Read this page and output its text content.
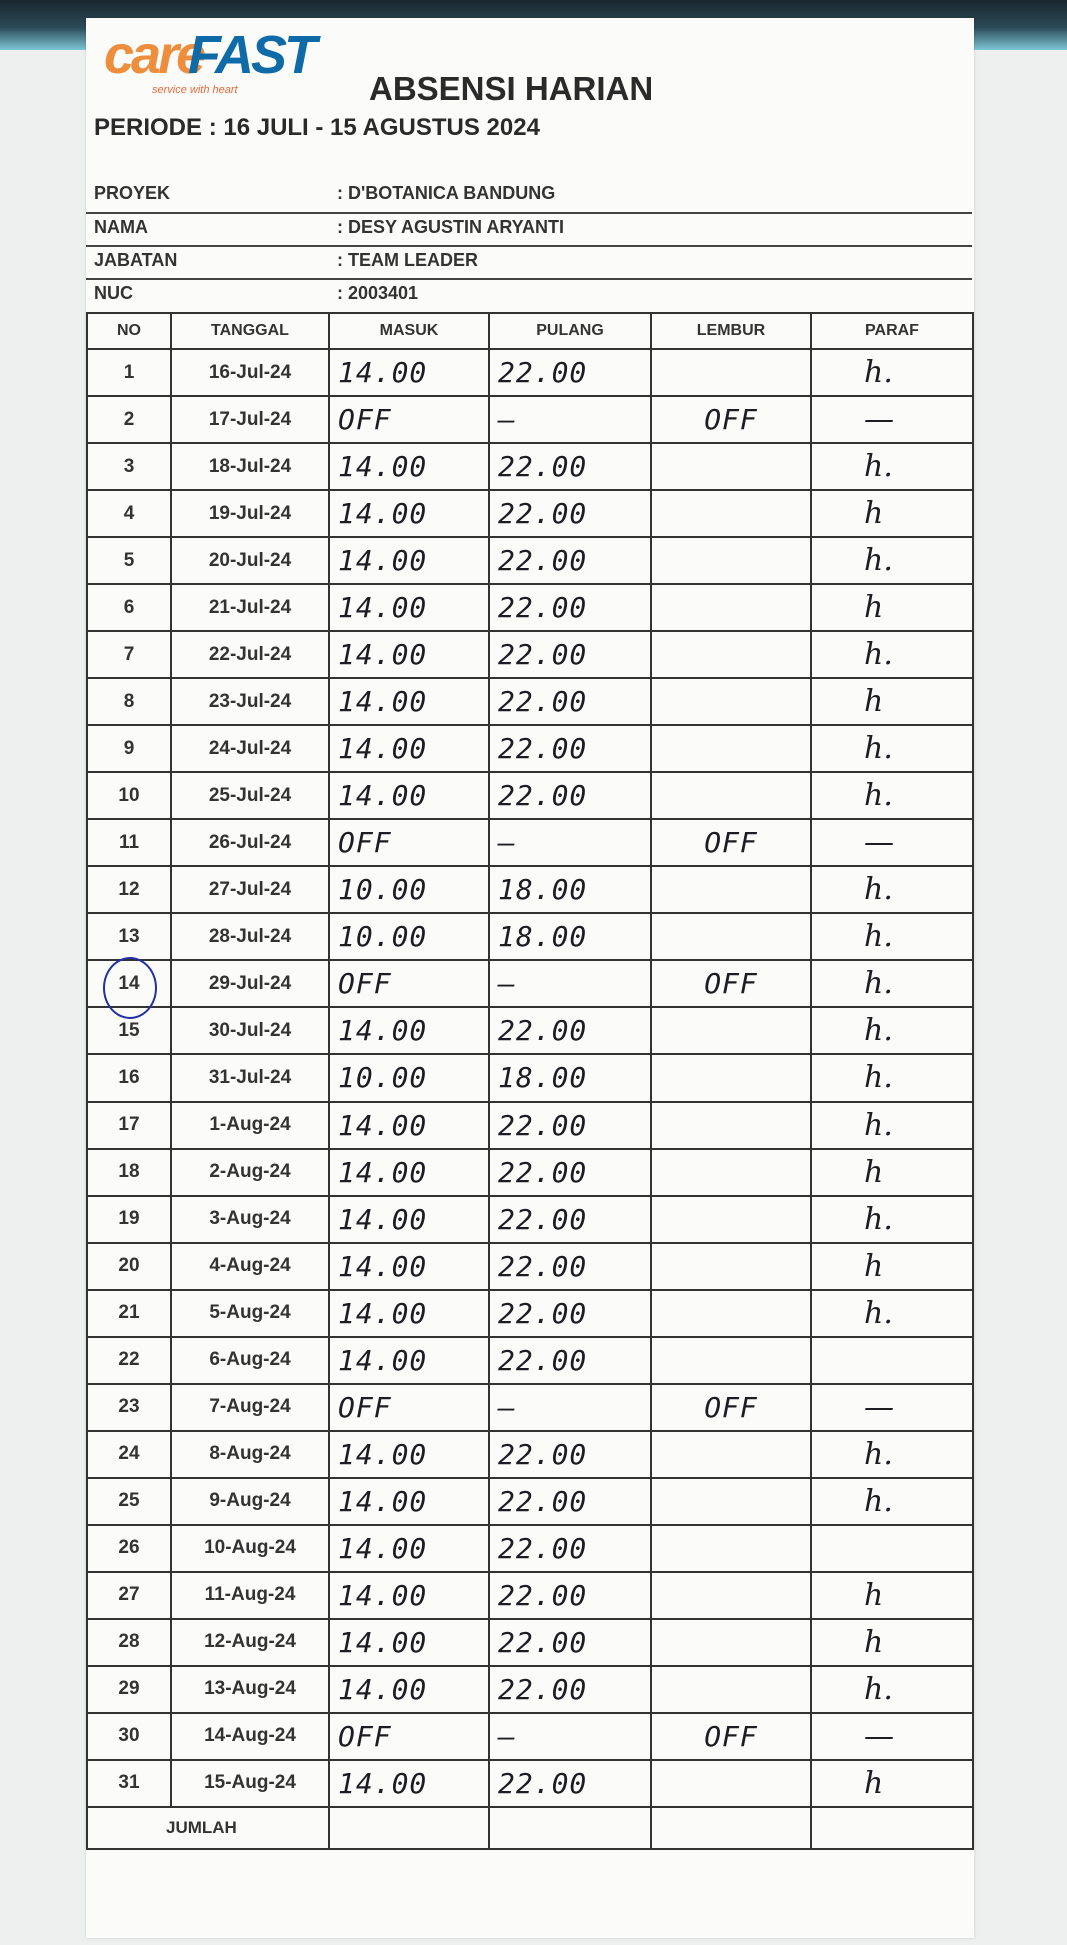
care
FAST
service with heart	ABSENSI HARIAN
PERIODE : 16 JULI - 15 AGUSTUS 2024
PROYEK	: D'BOTANICA BANDUNG
NAMA	: DESY AGUSTIN ARYANTI
JABATAN	: TEAM LEADER
NUC	: 2003401
NO	TANGGAL	MASUK	PULANG	LEMBUR	PARAF
1	16-Jul-24	14.00	22.00		h.
2	17-Jul-24	OFF	—	OFF	—
3	18-Jul-24	14.00	22.00		h.
4	19-Jul-24	14.00	22.00		h
5	20-Jul-24	14.00	22.00		h.
6	21-Jul-24	14.00	22.00		h
7	22-Jul-24	14.00	22.00		h.
8	23-Jul-24	14.00	22.00		h
9	24-Jul-24	14.00	22.00		h.
10	25-Jul-24	14.00	22.00		h.
11	26-Jul-24	OFF	—	OFF	—
12	27-Jul-24	10.00	18.00		h.
13	28-Jul-24	10.00	18.00		h.
14	29-Jul-24	OFF	—	OFF	h.
15	30-Jul-24	14.00	22.00		h.
16	31-Jul-24	10.00	18.00		h.
17	1-Aug-24	14.00	22.00		h.
18	2-Aug-24	14.00	22.00		h
19	3-Aug-24	14.00	22.00		h.
20	4-Aug-24	14.00	22.00		h
21	5-Aug-24	14.00	22.00		h.
22	6-Aug-24	14.00	22.00		
23	7-Aug-24	OFF	—	OFF	—
24	8-Aug-24	14.00	22.00		h.
25	9-Aug-24	14.00	22.00		h.
26	10-Aug-24	14.00	22.00		
27	11-Aug-24	14.00	22.00		h
28	12-Aug-24	14.00	22.00		h
29	13-Aug-24	14.00	22.00		h.
30	14-Aug-24	OFF	—	OFF	—
31	15-Aug-24	14.00	22.00		h
JUMLAH					
